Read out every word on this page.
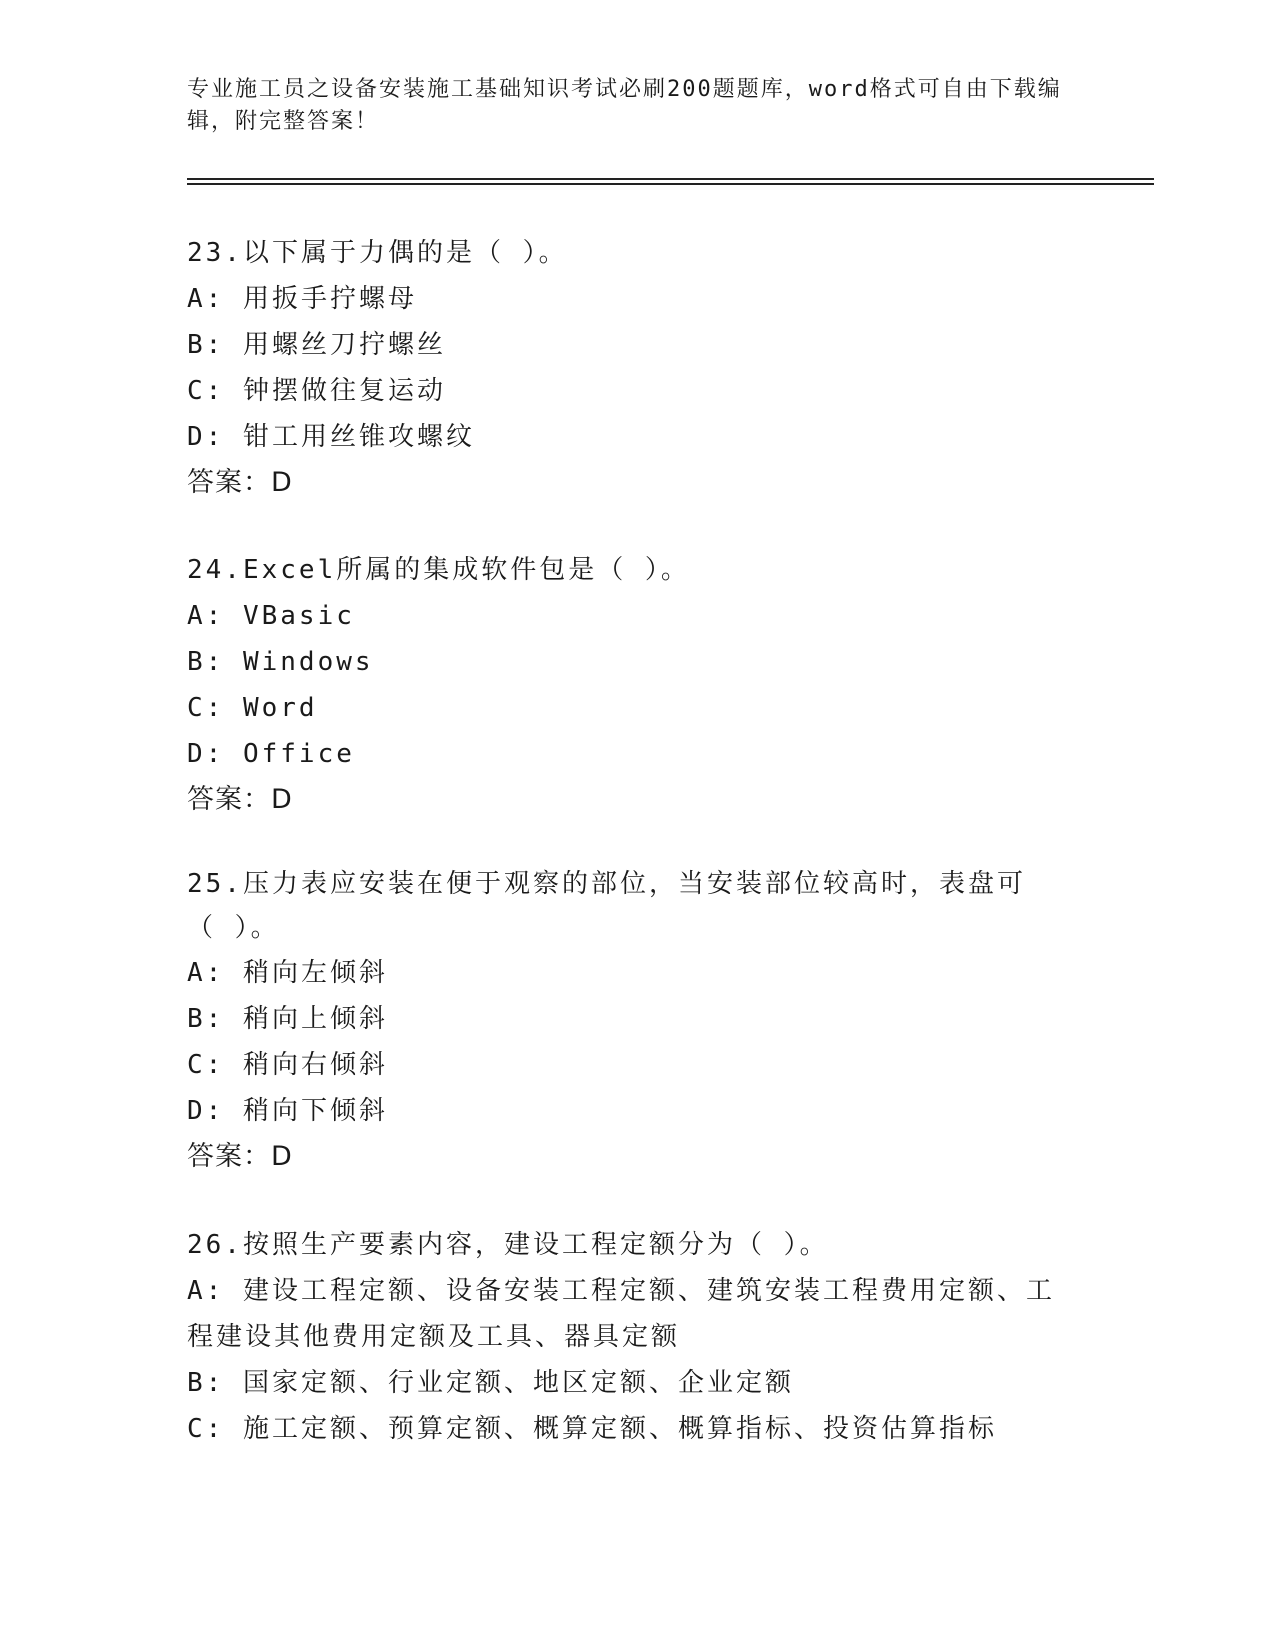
专业施工员之设备安装施工基础知识考试必刷200题题库，word格式可自由下载编辑，附完整答案！
23.以下属于力偶的是（ ）。
A: 用扳手拧螺母
B: 用螺丝刀拧螺丝
C: 钟摆做往复运动
D: 钳工用丝锥攻螺纹
答案：D
24.Excel所属的集成软件包是（ ）。
A: VBasic
B: Windows
C: Word
D: Office
答案：D
25.压力表应安装在便于观察的部位，当安装部位较高时，表盘可（ ）。
A: 稍向左倾斜
B: 稍向上倾斜
C: 稍向右倾斜
D: 稍向下倾斜
答案：D
26.按照生产要素内容，建设工程定额分为（ ）。
A: 建设工程定额、设备安装工程定额、建筑安装工程费用定额、工程建设其他费用定额及工具、器具定额
B: 国家定额、行业定额、地区定额、企业定额
C: 施工定额、预算定额、概算定额、概算指标、投资估算指标
